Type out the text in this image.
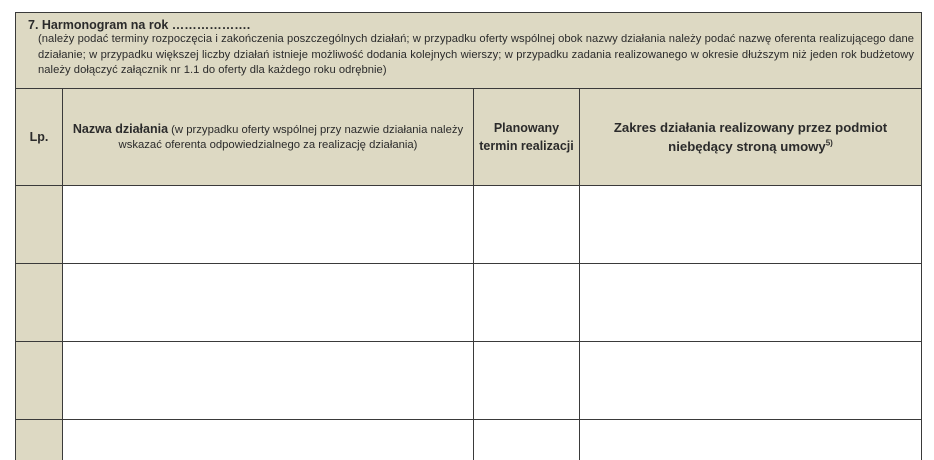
7. Harmonogram na rok ……………….
(należy podać terminy rozpoczęcia i zakończenia poszczególnych działań; w przypadku oferty wspólnej obok nazwy działania należy podać nazwę oferenta realizującego dane działanie; w przypadku większej liczby działań istnieje możliwość dodania kolejnych wierszy; w przypadku zadania realizowanego w okresie dłuższym niż jeden rok budżetowy należy dołączyć załącznik nr 1.1 do oferty dla każdego roku odrębnie)			

Lp.	Nazwa działania (w przypadku oferty wspólnej przy nazwie działania należy wskazać oferenta odpowiedzialnego za realizację działania)	Planowany termin realizacji	Zakres działania realizowany przez podmiot niebędący stroną umowy$^{5)}$
